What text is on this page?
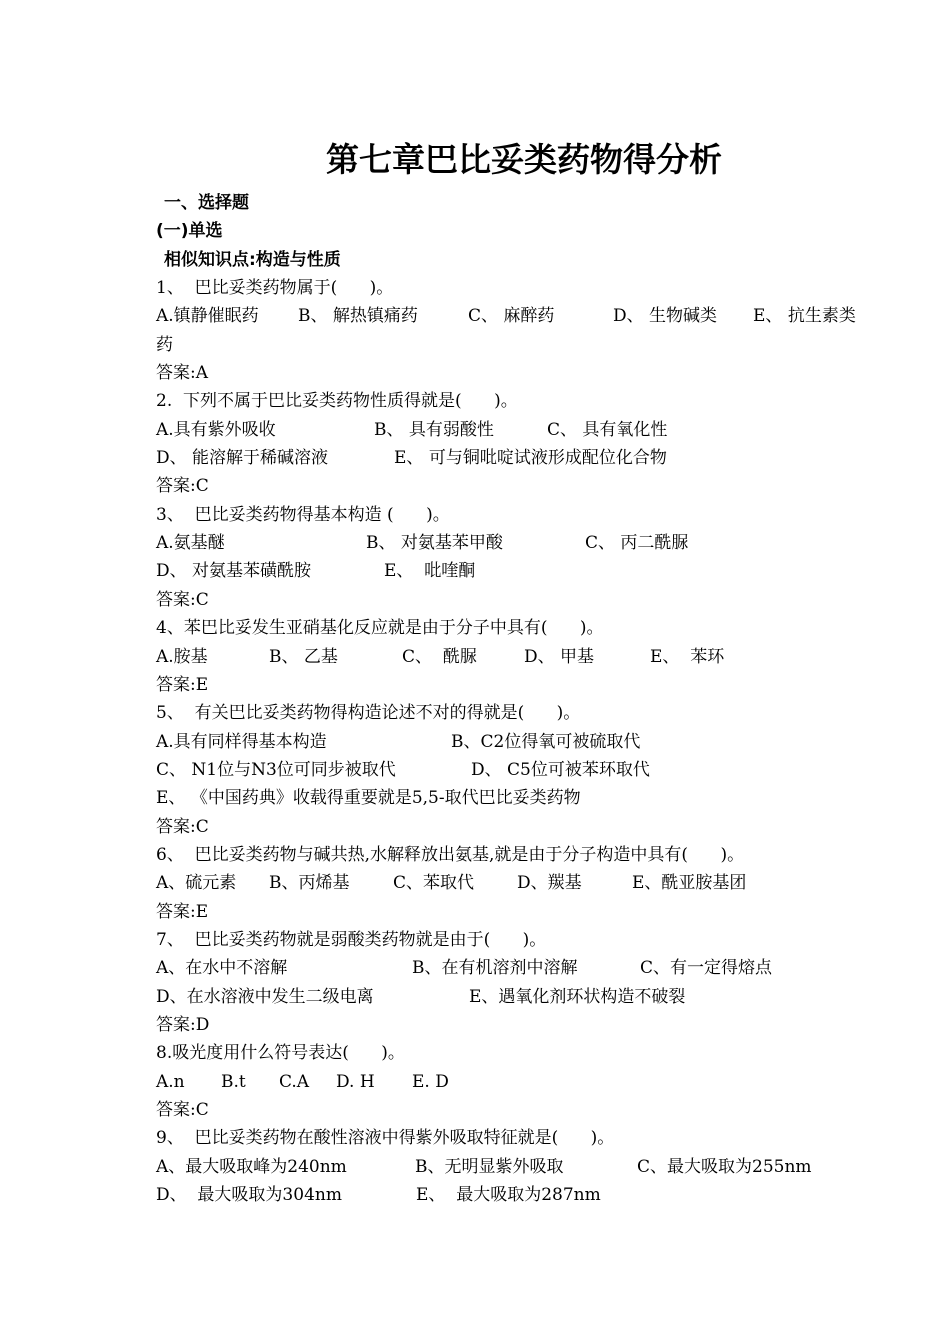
第七章巴比妥类药物得分析
一、选择题
(一)单选
相似知识点:构造与性质
1、  巴比妥类药物属于(      )。
A.镇静催眠药 B、 解热镇痛药	C、 麻醉药	D、 生物碱类 E、 抗生素类
药
答案:A
2.  下列不属于巴比妥类药物性质得就是(      )。
A.具有紫外吸收	B、 具有弱酸性	C、 具有氧化性
D、 能溶解于稀碱溶液	E、 可与铜吡啶试液形成配位化合物
答案:C
3、  巴比妥类药物得基本构造 (      )。
A.氨基醚	B、 对氨基苯甲酸	C、 丙二酰脲
D、 对氨基苯磺酰胺	E、  吡喹酮
答案:C
4、苯巴比妥发生亚硝基化反应就是由于分子中具有(      )。
A.胺基	B、 乙基	C、  酰脲	D、 甲基	E、  苯环
答案:E
5、  有关巴比妥类药物得构造论述不对的得就是(      )。
A.具有同样得基本构造	B、C2位得氧可被硫取代
C、 N1位与N3位可同步被取代	D、 C5位可被苯环取代
E、 《中国药典》收载得重要就是5,5-取代巴比妥类药物
答案:C
6、  巴比妥类药物与碱共热,水解释放出氨基,就是由于分子构造中具有(      )。
A、硫元素 B、丙烯基	C、苯取代	D、羰基	E、酰亚胺基团
答案:E
7、  巴比妥类药物就是弱酸类药物就是由于(      )。
A、在水中不溶解	B、在有机溶剂中溶解	C、有一定得熔点
D、在水溶液中发生二级电离	E、遇氧化剂环状构造不破裂
答案:D
8.吸光度用什么符号表达(      )。
A.n B.t C.A D. H E. D
答案:C
9、  巴比妥类药物在酸性溶液中得紫外吸取特征就是(      )。
A、最大吸取峰为240nm	B、无明显紫外吸取	C、最大吸取为255nm
D、  最大吸取为304nm	E、  最大吸取为287nm
